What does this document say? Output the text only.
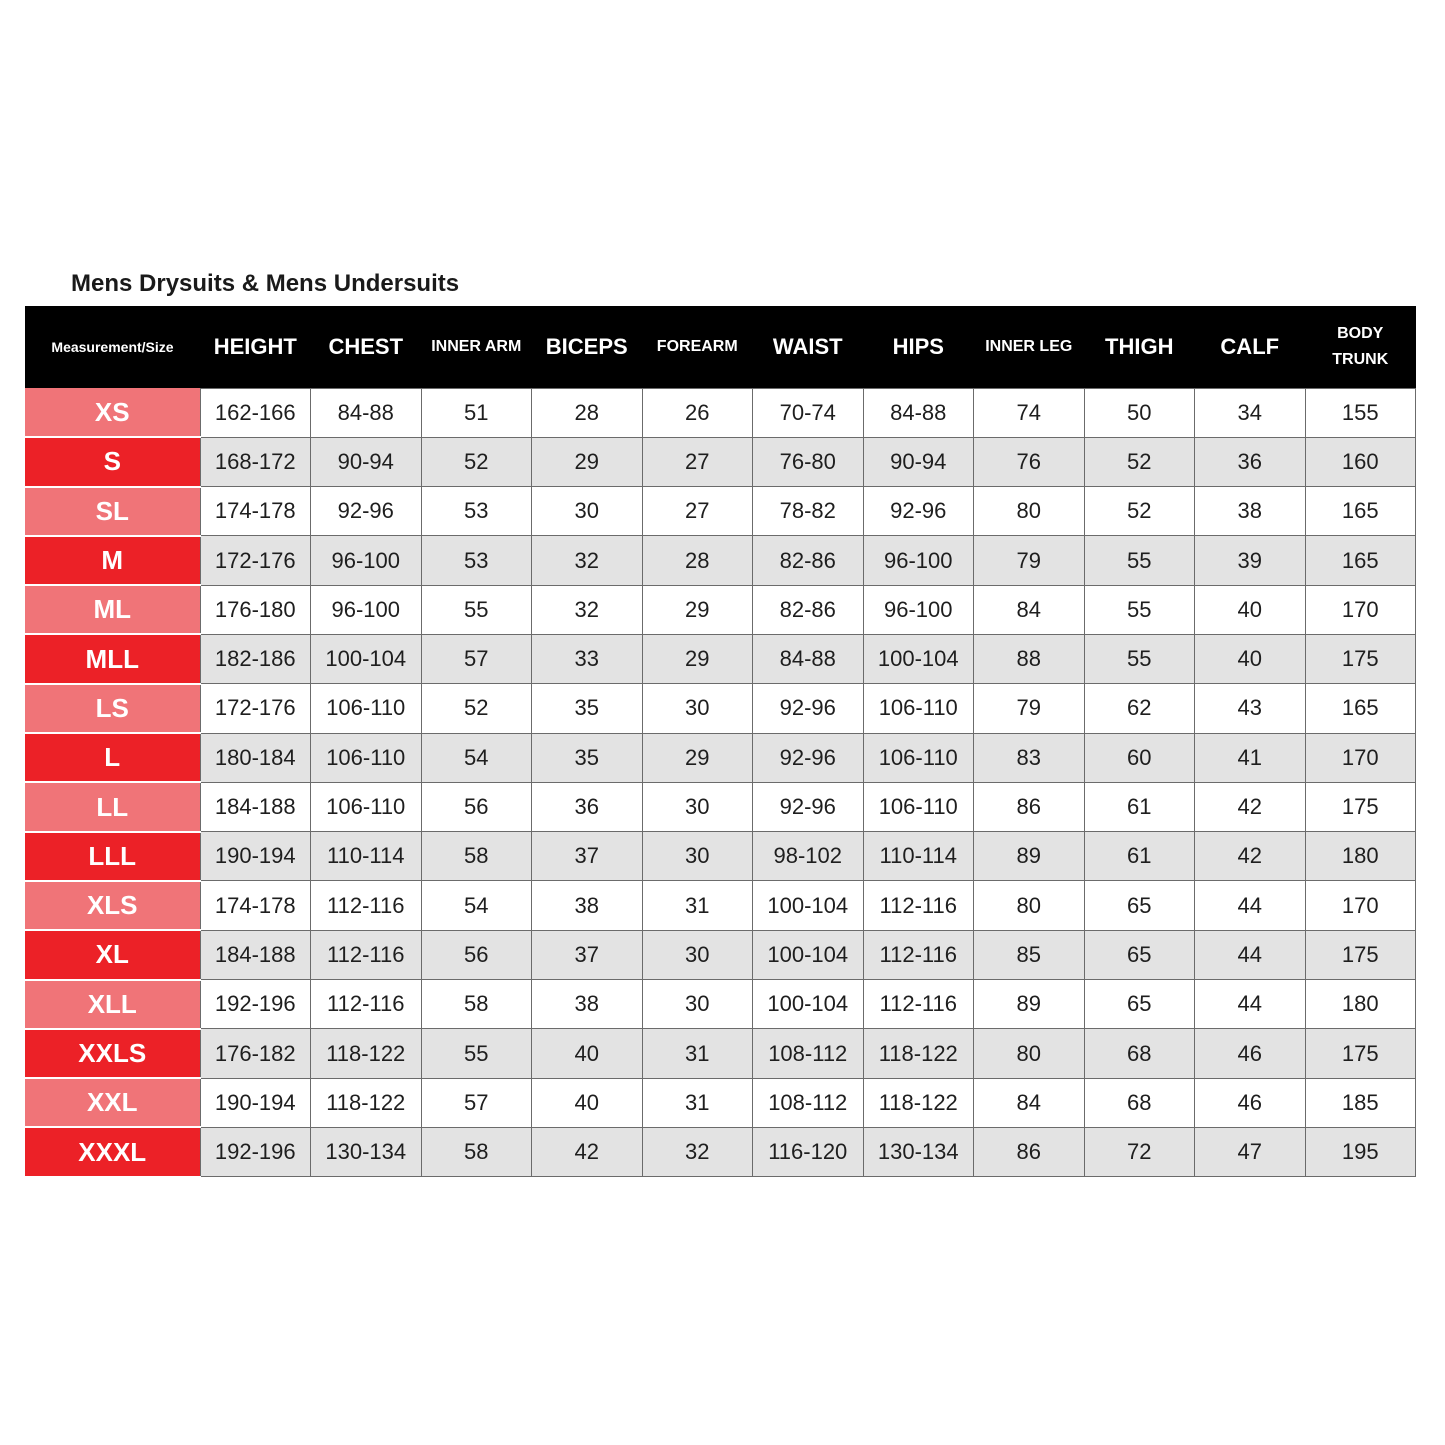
Mens Drysuits & Mens Undersuits
Measurement/Size	HEIGHT	CHEST	INNER ARM	BICEPS	FOREARM	WAIST	HIPS	INNER LEG	THIGH	CALF	BODY
TRUNK
XS	162-166	84-88	51	28	26	70-74	84-88	74	50	34	155
S	168-172	90-94	52	29	27	76-80	90-94	76	52	36	160
SL	174-178	92-96	53	30	27	78-82	92-96	80	52	38	165
M	172-176	96-100	53	32	28	82-86	96-100	79	55	39	165
ML	176-180	96-100	55	32	29	82-86	96-100	84	55	40	170
MLL	182-186	100-104	57	33	29	84-88	100-104	88	55	40	175
LS	172-176	106-110	52	35	30	92-96	106-110	79	62	43	165
L	180-184	106-110	54	35	29	92-96	106-110	83	60	41	170
LL	184-188	106-110	56	36	30	92-96	106-110	86	61	42	175
LLL	190-194	110-114	58	37	30	98-102	110-114	89	61	42	180
XLS	174-178	112-116	54	38	31	100-104	112-116	80	65	44	170
XL	184-188	112-116	56	37	30	100-104	112-116	85	65	44	175
XLL	192-196	112-116	58	38	30	100-104	112-116	89	65	44	180
XXLS	176-182	118-122	55	40	31	108-112	118-122	80	68	46	175
XXL	190-194	118-122	57	40	31	108-112	118-122	84	68	46	185
XXXL	192-196	130-134	58	42	32	116-120	130-134	86	72	47	195
